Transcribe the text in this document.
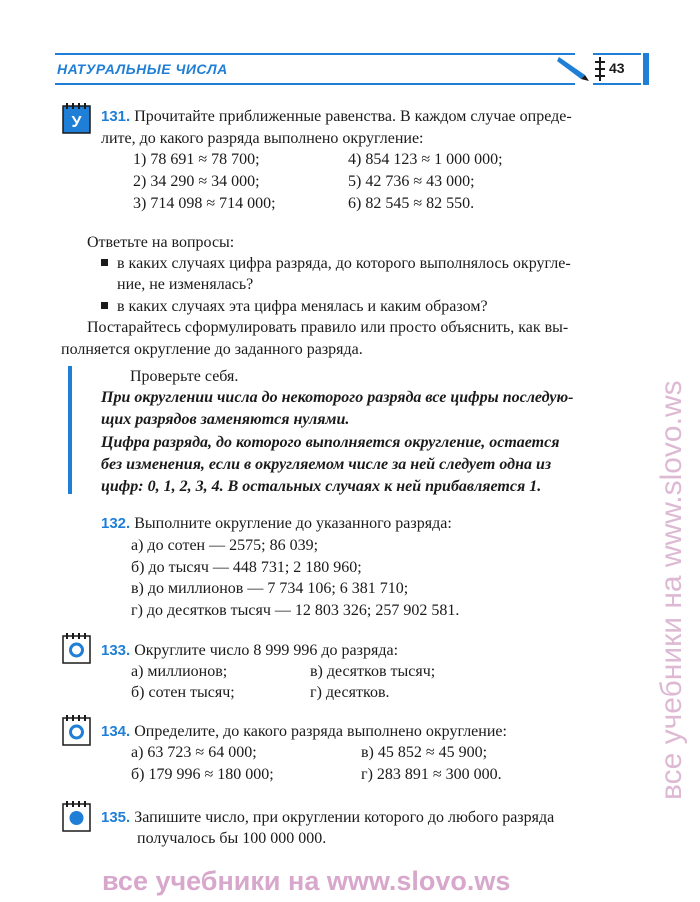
НАТУРАЛЬНЫЕ ЧИСЛА	43
У 131. Прочитайте приближенные равенства. В каждом случае опреде-
лите, до какого разряда выполнено округление:
1) 78 691 ≈ 78 700;	4) 854 123 ≈ 1 000 000;
2) 34 290 ≈ 34 000;	5) 42 736 ≈ 43 000;
3) 714 098 ≈ 714 000;	6) 82 545 ≈ 82 550.
Ответьте на вопросы:
в каких случаях цифра разряда, до которого выполнялось округле-
ние, не изменялась?
в каких случаях эта цифра менялась и каким образом?
Постарайтесь сформулировать правило или просто объяснить, как вы-
полняется округление до заданного разряда.
Проверьте себя.
При округлении числа до некоторого разряда все цифры последую-
щих разрядов заменяются нулями.
Цифра разряда, до которого выполняется округление, остается
без изменения, если в округляемом числе за ней следует одна из
цифр: 0, 1, 2, 3, 4. В остальных случаях к ней прибавляется 1.
132. Выполните округление до указанного разряда:
а) до сотен — 2575; 86 039;
б) до тысяч — 448 731; 2 180 960;
в) до миллионов — 7 734 106; 6 381 710;
г) до десятков тысяч — 12 803 326; 257 902 581.
133. Округлите число 8 999 996 до разряда:
а) миллионов;	в) десятков тысяч;
б) сотен тысяч;	г) десятков.
134. Определите, до какого разряда выполнено округление:
а) 63 723 ≈ 64 000;	в) 45 852 ≈ 45 900;
б) 179 996 ≈ 180 000;	г) 283 891 ≈ 300 000.
135. Запишите число, при округлении которого до любого разряда
получалось бы 100 000 000.
все учебники на www.slovo.ws
все учебники на www.slovo.ws
